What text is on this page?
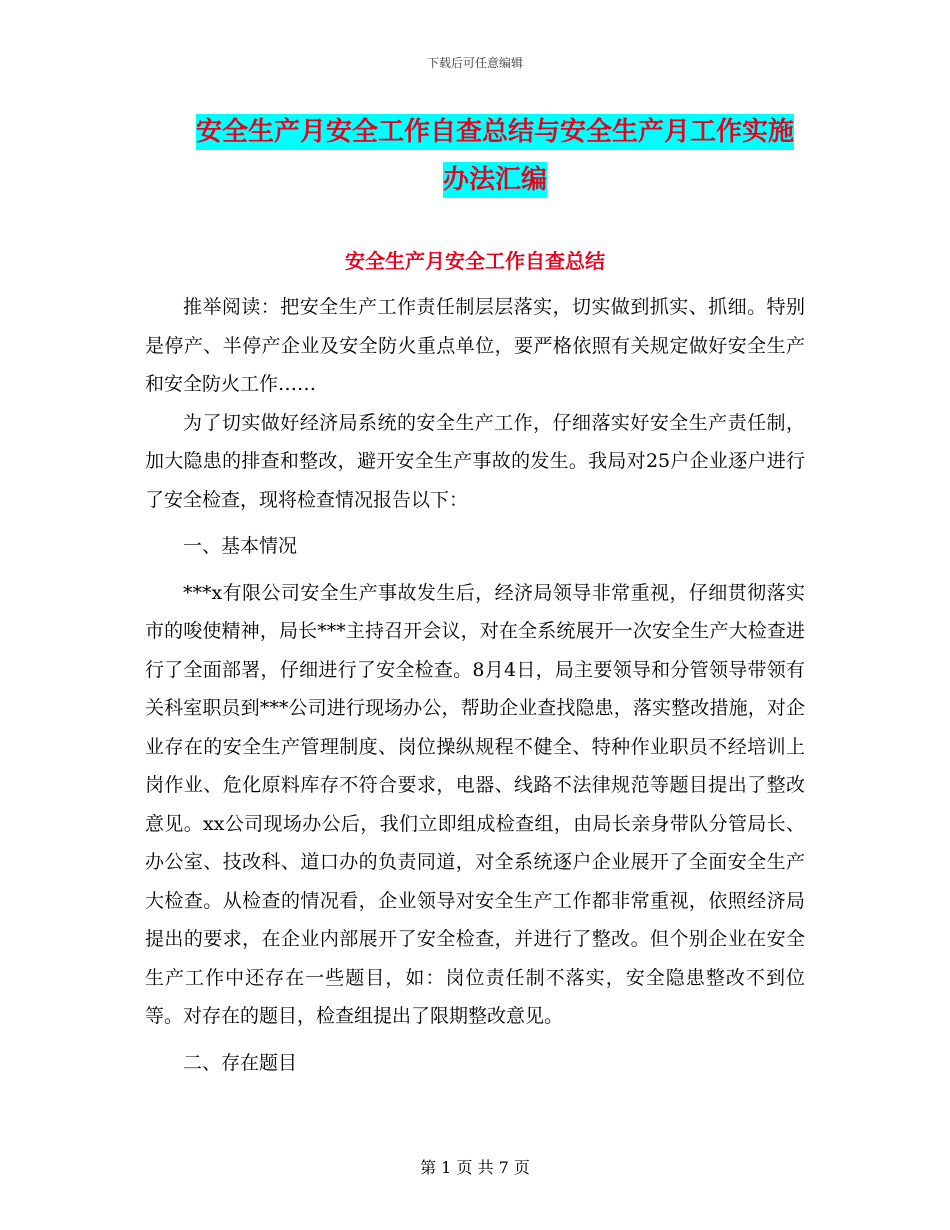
下载后可任意编辑
安全生产月安全工作自查总结与安全生产月工作实施
办法汇编
安全生产月安全工作自查总结

推举阅读：把安全生产工作责任制层层落实，切实做到抓实、抓细。特别是停产、半停产企业及安全防火重点单位，要严格依照有关规定做好安全生产和安全防火工作……

为了切实做好经济局系统的安全生产工作，仔细落实好安全生产责任制，加大隐患的排查和整改，避开安全生产事故的发生。我局对25户企业逐户进行了安全检查，现将检查情况报告以下：

一、基本情况

***x有限公司安全生产事故发生后，经济局领导非常重视，仔细贯彻落实市的唆使精神，局长***主持召开会议，对在全系统展开一次安全生产大检查进行了全面部署，仔细进行了安全检查。8月4日，局主要领导和分管领导带领有关科室职员到***公司进行现场办公，帮助企业查找隐患，落实整改措施，对企业存在的安全生产管理制度、岗位操纵规程不健全、特种作业职员不经培训上岗作业、危化原料库存不符合要求，电器、线路不法律规范等题目提出了整改意见。xx公司现场办公后，我们立即组成检查组，由局长亲身带队分管局长、办公室、技改科、道口办的负责同道，对全系统逐户企业展开了全面安全生产大检查。从检查的情况看，企业领导对安全生产工作都非常重视，依照经济局提出的要求，在企业内部展开了安全检查，并进行了整改。但个别企业在安全生产工作中还存在一些题目，如：岗位责任制不落实，安全隐患整改不到位等。对存在的题目，检查组提出了限期整改意见。

二、存在题目

第 1 页 共 7 页
